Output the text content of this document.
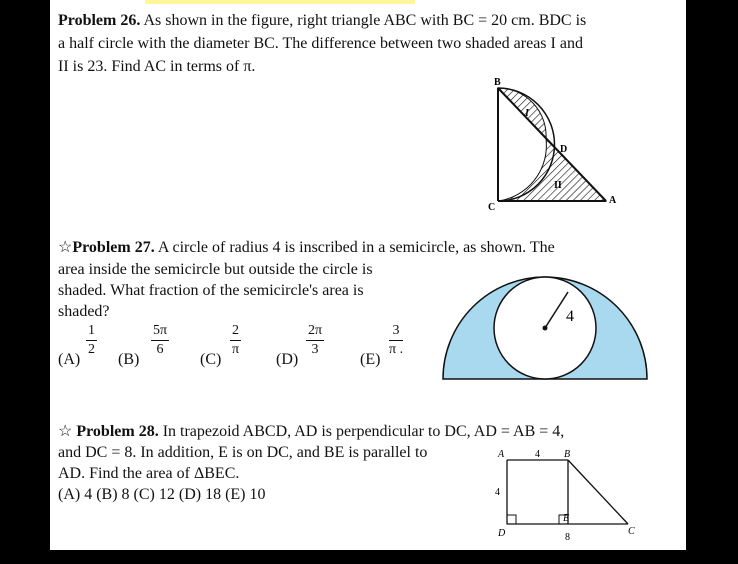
Problem 26. As shown in the figure, right triangle ABC with BC = 20 cm. BDC is
a half circle with the diameter BC. The difference between two shaded areas I and
II is 23. Find AC in terms of π.
B
C
A
D
I
II
☆Problem 27. A circle of radius 4 is inscribed in a semicircle, as shown. The
area inside the semicircle but outside the circle is
shaded. What fraction of the semicircle's area is
shaded?
(A)
$\frac{1}{2}$
(B)
$\frac{5\pi}{6}$
(C)
$\frac{2}{\pi}$
(D)
$\frac{2\pi}{3}$
(E)
$\frac{3}{\pi .}$
4
☆ Problem 28. In trapezoid ABCD, AD is perpendicular to DC, AD = AB = 4,
and DC = 8. In addition, E is on DC, and BE is parallel to
AD. Find the area of ΔBEC.
(A) 4 (B) 8 (C) 12 (D) 18 (E) 10
A	4 B
4
D
E
C
8
